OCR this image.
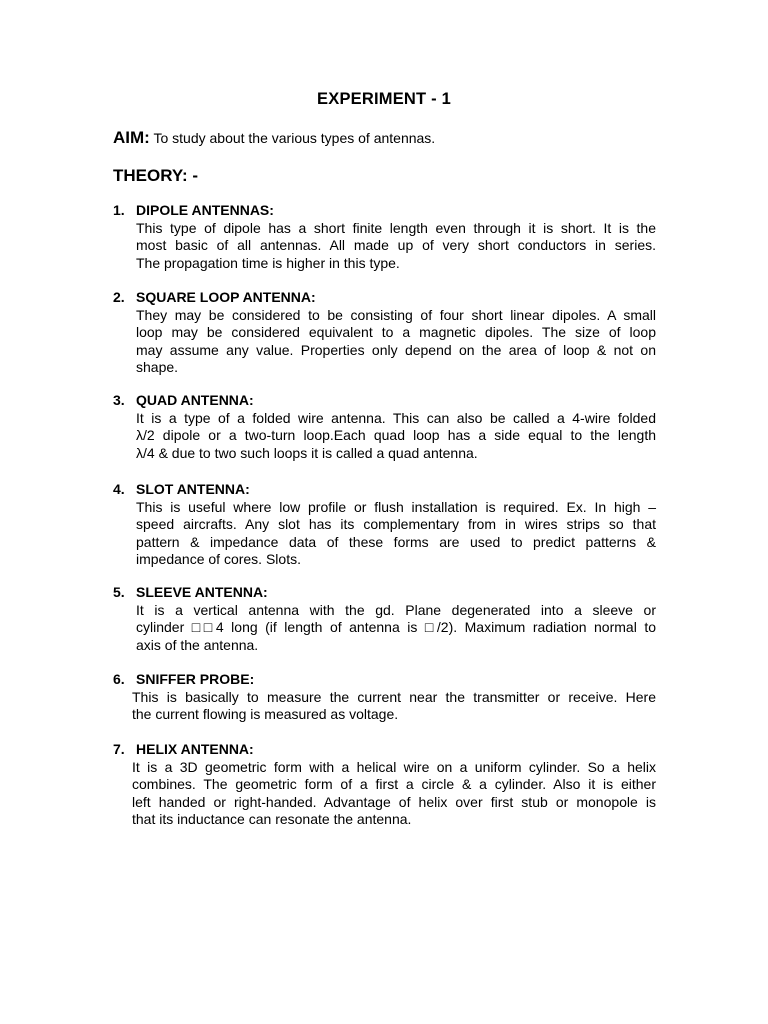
EXPERIMENT - 1
AIM: To study about the various types of antennas.
THEORY: -
1. DIPOLE ANTENNAS:

This type of dipole has a short finite length even through it is short. It is the

most basic of all antennas. All made up of very short conductors in series.

The propagation time is higher in this type.

2. SQUARE LOOP ANTENNA:

They may be considered to be consisting of four short linear dipoles. A small

loop may be considered equivalent to a magnetic dipoles. The size of loop

may assume any value. Properties only depend on the area of loop & not on

shape.

3. QUAD ANTENNA:

It is a type of a folded wire antenna. This can also be called a 4-wire folded

λ/2 dipole or a two-turn loop.Each quad loop has a side equal to the length

λ/4 & due to two such loops it is called a quad antenna.

4. SLOT ANTENNA:

This is useful where low profile or flush installation is required. Ex. In high –

speed aircrafts. Any slot has its complementary from in wires strips so that

pattern & impedance data of these forms are used to predict patterns &

impedance of cores. Slots.

5. SLEEVE ANTENNA:

It is a vertical antenna with the gd. Plane degenerated into a sleeve or

cylinder □□4 long (if length of antenna is □/2). Maximum radiation normal to

axis of the antenna.

6. SNIFFER PROBE:

This is basically to measure the current near the transmitter or receive. Here

the current flowing is measured as voltage.

7. HELIX ANTENNA:

It is a 3D geometric form with a helical wire on a uniform cylinder. So a helix

combines. The geometric form of a first a circle & a cylinder. Also it is either

left handed or right-handed. Advantage of helix over first stub or monopole is

that its inductance can resonate the antenna.
